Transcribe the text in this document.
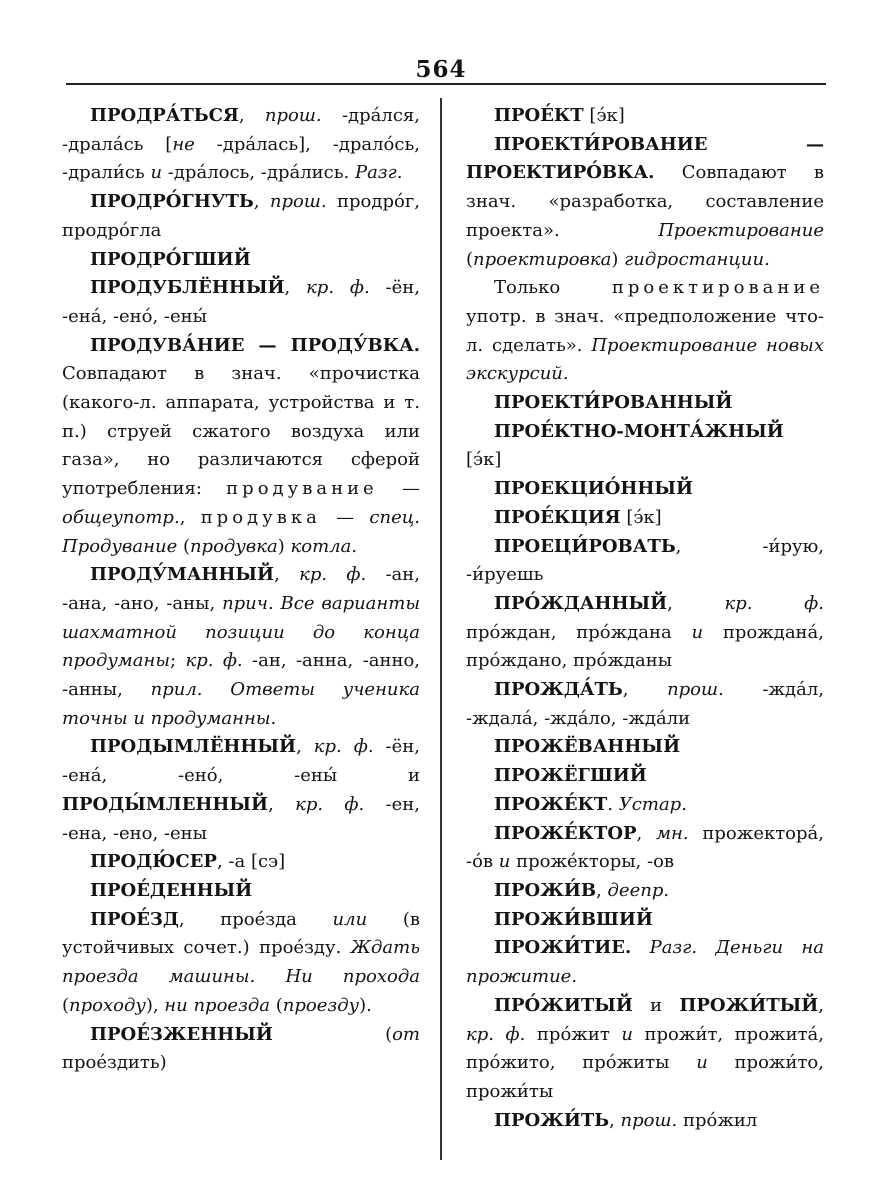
564

ПРОДРА́ТЬСЯ, прош. -дра́лся, -драла́сь [не -дра́лась], -драло́сь, -драли́сь и -дра́лось, -дра́лись. Разг.

ПРОДРО́ГНУТЬ, прош. продро́г, продро́гла

ПРОДРО́ГШИЙ

ПРОДУБЛЁННЫЙ, кр. ф. -ён, -ена́, -ено́, -ены́

ПРОДУВА́НИЕ — ПРОДУ́ВКА. Совпадают в знач. «прочистка (какого-л. аппарата, устройства и т. п.) струей сжатого воздуха или газа», но различаются сферой употребления: продувание — общеупотр., продувка — спец. Продувание (продувка) котла.

ПРОДУ́МАННЫЙ, кр. ф. -ан, -ана, -ано, -аны, прич. Все варианты шахматной позиции до конца продуманы; кр. ф. -ан, -анна, -анно, -анны, прил. Ответы ученика точны и продуманны.

ПРОДЫМЛЁННЫЙ, кр. ф. -ён, -ена́, -ено́, -ены́ и ПРОДЫ́МЛЕННЫЙ, кр. ф. -ен, -ена, -ено, -ены

ПРОДЮ́СЕР, -а [сэ]

ПРОЕ́ДЕННЫЙ

ПРОЕ́ЗД, прое́зда или (в устойчивых сочет.) прое́зду. Ждать проезда машины. Ни прохода (проходу), ни проезда (проезду).

ПРОЕ́ЗЖЕННЫЙ (от прое́здить)

ПРОЕ́КТ [э́к]

ПРОЕКТИ́РОВАНИЕ — ПРОЕКТИРО́ВКА. Совпадают в знач. «разработка, составление проекта». Проектирование (проектировка) гидростанции.

Только проектирование употр. в знач. «предположение что-л. сделать». Проектирование новых экскурсий.

ПРОЕКТИ́РОВАННЫЙ

ПРОЕ́КТНО-МОНТА́ЖНЫЙ [э́к]

ПРОЕКЦИО́ННЫЙ

ПРОЕ́КЦИЯ [э́к]

ПРОЕЦИ́РОВАТЬ, -и́рую, -и́руешь

ПРО́ЖДАННЫЙ, кр. ф. про́ждан, про́ждана и прождана́, про́ждано, про́жданы

ПРОЖДА́ТЬ, прош. -жда́л, -ждала́, -жда́ло, -жда́ли

ПРОЖЁВАННЫЙ

ПРОЖЁГШИЙ

ПРОЖЕ́КТ. Устар.

ПРОЖЕ́КТОР, мн. прожектора́, -о́в и проже́кторы, -ов

ПРОЖИ́В, деепр.

ПРОЖИ́ВШИЙ

ПРОЖИ́ТИЕ. Разг. Деньги на прожитие.

ПРО́ЖИТЫЙ и ПРОЖИ́ТЫЙ, кр. ф. про́жит и прожи́т, прожита́, про́жито, про́житы и прожи́то, прожи́ты

ПРОЖИ́ТЬ, прош. про́жил
